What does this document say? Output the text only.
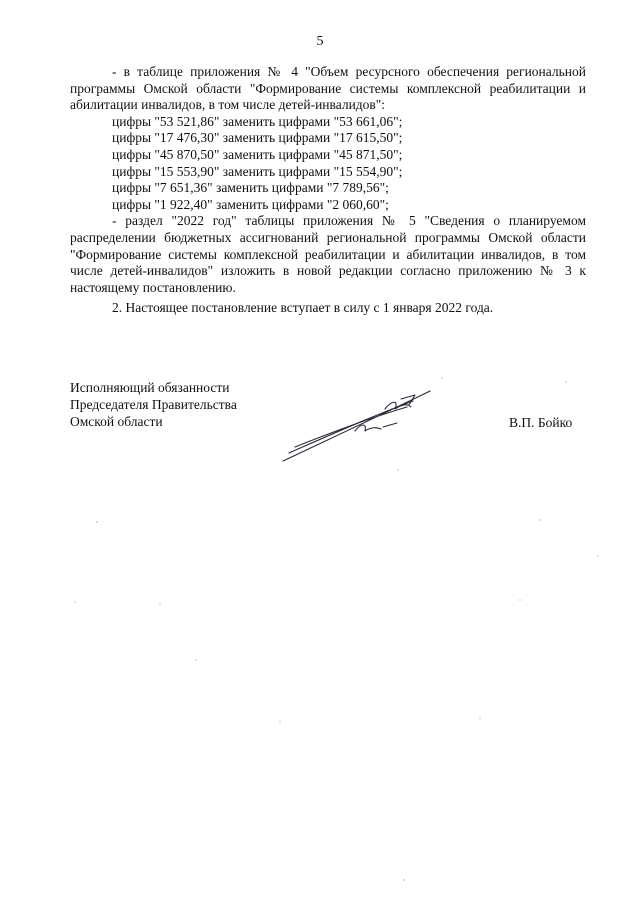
5

- в таблице приложения № 4 "Объем ресурсного обеспечения региональной программы Омской области "Формирование системы комплексной реабилитации и абилитации инвалидов, в том числе детей-инвалидов":

цифры "53 521,86" заменить цифрами "53 661,06";

цифры "17 476,30" заменить цифрами "17 615,50";

цифры "45 870,50" заменить цифрами "45 871,50";

цифры "15 553,90" заменить цифрами "15 554,90";

цифры "7 651,36" заменить цифрами "7 789,56";

цифры "1 922,40" заменить цифрами "2 060,60";

- раздел "2022 год" таблицы приложения № 5 "Сведения о планируемом распределении бюджетных ассигнований региональной программы Омской области "Формирование системы комплексной реабилитации и абилитации инвалидов, в том числе детей-инвалидов" изложить в новой редакции согласно приложению № 3 к настоящему постановлению.

2. Настоящее постановление вступает в силу с 1 января 2022 года.

Исполняющий обязанности

Председателя Правительства

Омской области	В.П. Бойко
